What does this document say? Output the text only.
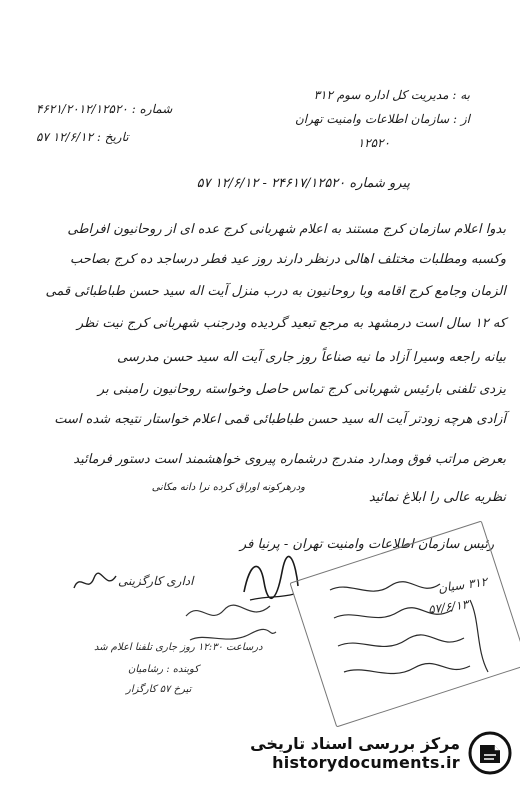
به : مدیریت کل اداره سوم ۳۱۲
از : سازمان اطلاعات وامنیت تهران
۱۲۵۲۰
شماره : ۴۶۲۱/۲۰۱۲/۱۲۵۲۰
تاریخ : ۱۲/۶/۱۲ ۵۷
پیرو شماره ۲۴۶۱۷/۱۲۵۲۰ - ۱۲/۶/۱۲ ۵۷
بدوا اعلام سازمان کرج مستند به اعلام شهربانی کرج عده ای از روحانیون افراطی
وکسبه ومطلبات مختلف اهالی درنظر دارند روز عید فطر درساجد ده کرج بصاحب
الزمان وجامع کرج اقامه وبا روحانیون به درب منزل آیت اله سید حسن طباطبائی قمی
که ۱۲ سال است درمشهد به مرجع تبعید گردیده ودرجنب شهربانی کرج نیت نظر
بیانه راجعه وسیرا آزاد ما نیه صناعاً روز جاری آیت اله سید حسن مدرسی
یزدی تلفنی بارئیس شهربانی کرج تماس حاصل وخواسته روحانیون رامبنی بر
آزادی هرچه زودتر آیت اله سید حسن طباطبائی قمی اعلام خواستار نتیجه شده است
بعرض مراتب فوق ومدارد مندرج درشماره پیروی خواهشمند است دستور فرمائید
نظریه عالی را ابلاغ نمائید
ودرهرکونه اوراق کرده نرا دانه مکانی
رئیس سازمان اطلاعات وامنیت تهران - پرنیا فر
اداری کارگزینی
درساعت ۱۲:۳۰ روز جاری تلفنا اعلام شد
کوبنده : رشامیان
تیرخ ۵۷ کارگزار
۳۱۲ سیان
۵۷/۶/۱۳
مرکز بررسی اسناد تاریخی
historydocuments.ir
